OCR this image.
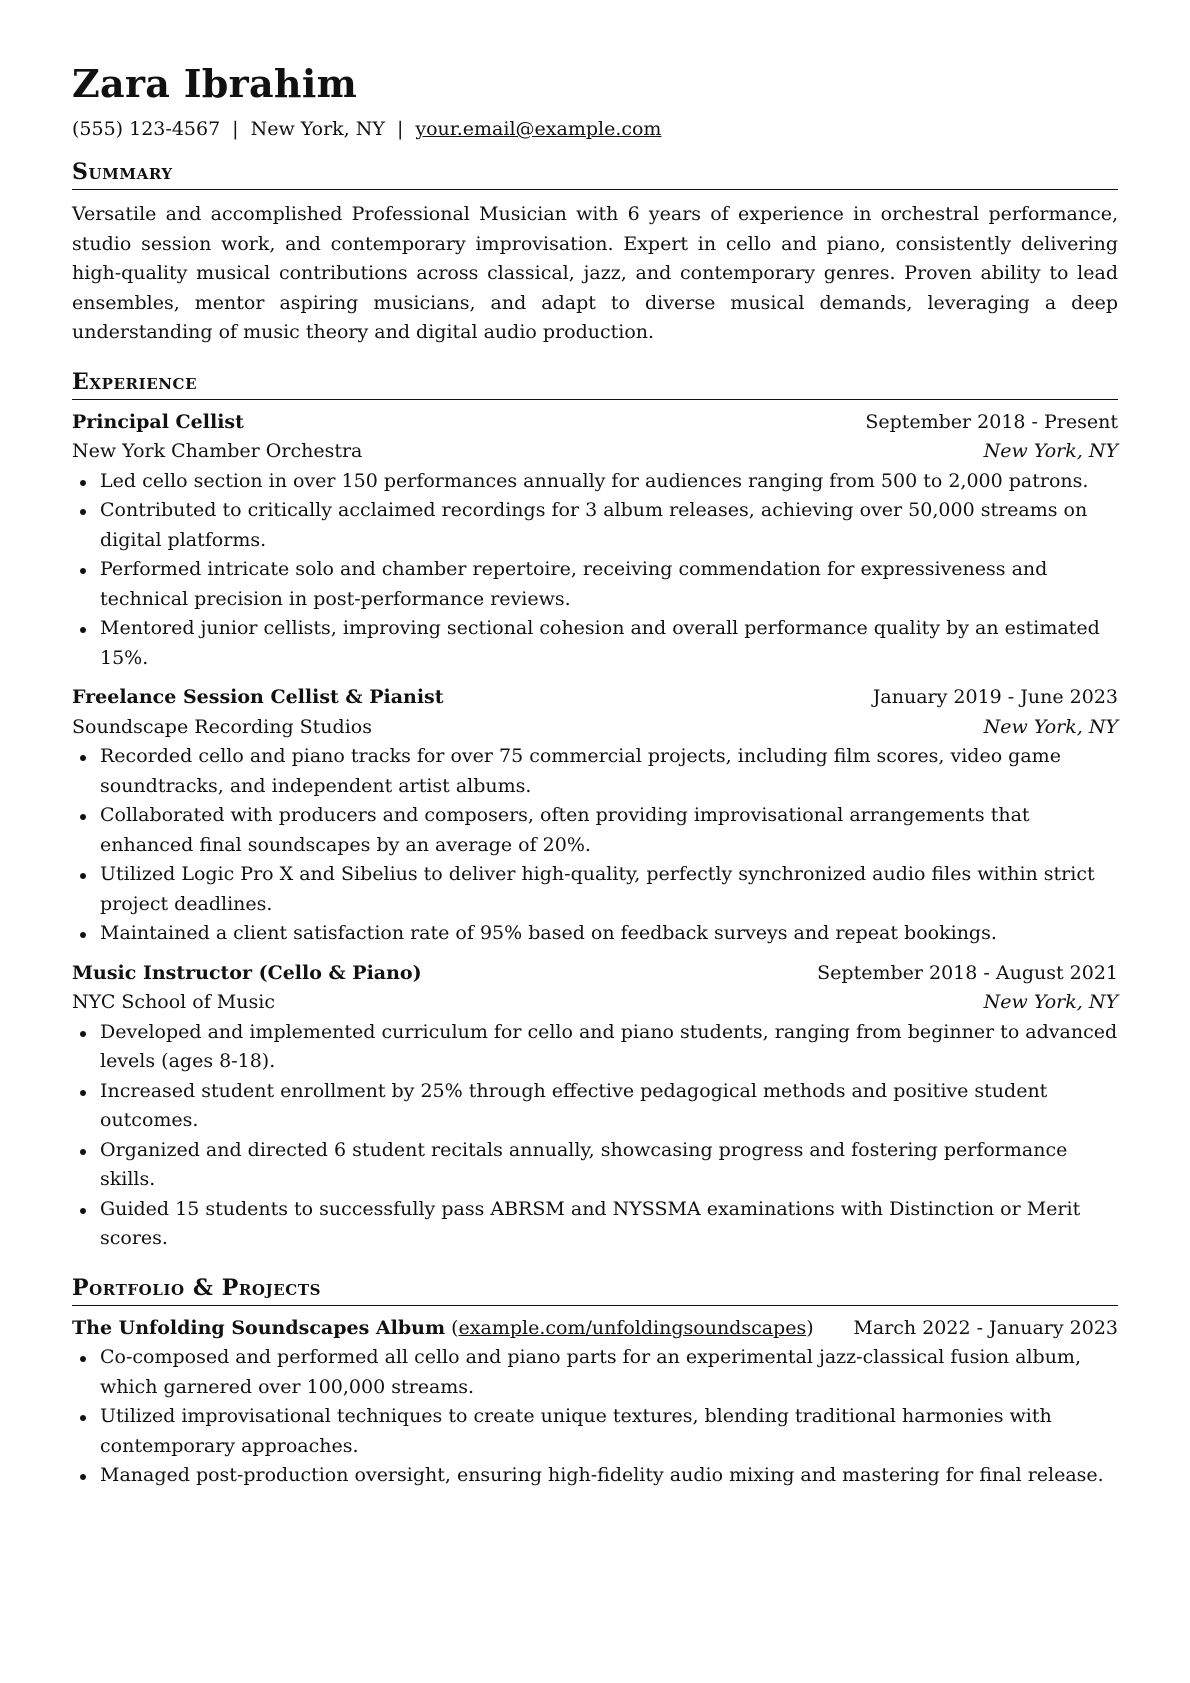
Zara Ibrahim
(555) 123-4567 | New York, NY | your.email@example.com
Summary

Versatile and accomplished Professional Musician with 6 years of experience in orchestral performance, studio session work, and contemporary improvisation. Expert in cello and piano, consistently delivering high-quality musical contributions across classical, jazz, and contemporary genres. Proven ability to lead ensembles, mentor aspiring musicians, and adapt to diverse musical demands, leveraging a deep understanding of music theory and digital audio production.

Experience
Principal Cellist	September 2018 - Present
New York Chamber Orchestra	New York, NY
Led cello section in over 150 performances annually for audiences ranging from 500 to 2,000 patrons.
Contributed to critically acclaimed recordings for 3 album releases, achieving over 50,000 streams on digital platforms.
Performed intricate solo and chamber repertoire, receiving commendation for expressiveness and technical precision in post-performance reviews.
Mentored junior cellists, improving sectional cohesion and overall performance quality by an estimated 15%.
Freelance Session Cellist & Pianist	January 2019 - June 2023
Soundscape Recording Studios	New York, NY
Recorded cello and piano tracks for over 75 commercial projects, including film scores, video game soundtracks, and independent artist albums.
Collaborated with producers and composers, often providing improvisational arrangements that enhanced final soundscapes by an average of 20%.
Utilized Logic Pro X and Sibelius to deliver high-quality, perfectly synchronized audio files within strict project deadlines.
Maintained a client satisfaction rate of 95% based on feedback surveys and repeat bookings.
Music Instructor (Cello & Piano)	September 2018 - August 2021
NYC School of Music	New York, NY
Developed and implemented curriculum for cello and piano students, ranging from beginner to advanced levels (ages 8-18).
Increased student enrollment by 25% through effective pedagogical methods and positive student outcomes.
Organized and directed 6 student recitals annually, showcasing progress and fostering performance skills.
Guided 15 students to successfully pass ABRSM and NYSSMA examinations with Distinction or Merit scores.
Portfolio & Projects
The Unfolding Soundscapes Album (example.com/unfoldingsoundscapes) March 2022 - January 2023
Co-composed and performed all cello and piano parts for an experimental jazz-classical fusion album, which garnered over 100,000 streams.
Utilized improvisational techniques to create unique textures, blending traditional harmonies with contemporary approaches.
Managed post-production oversight, ensuring high-fidelity audio mixing and mastering for final release.
